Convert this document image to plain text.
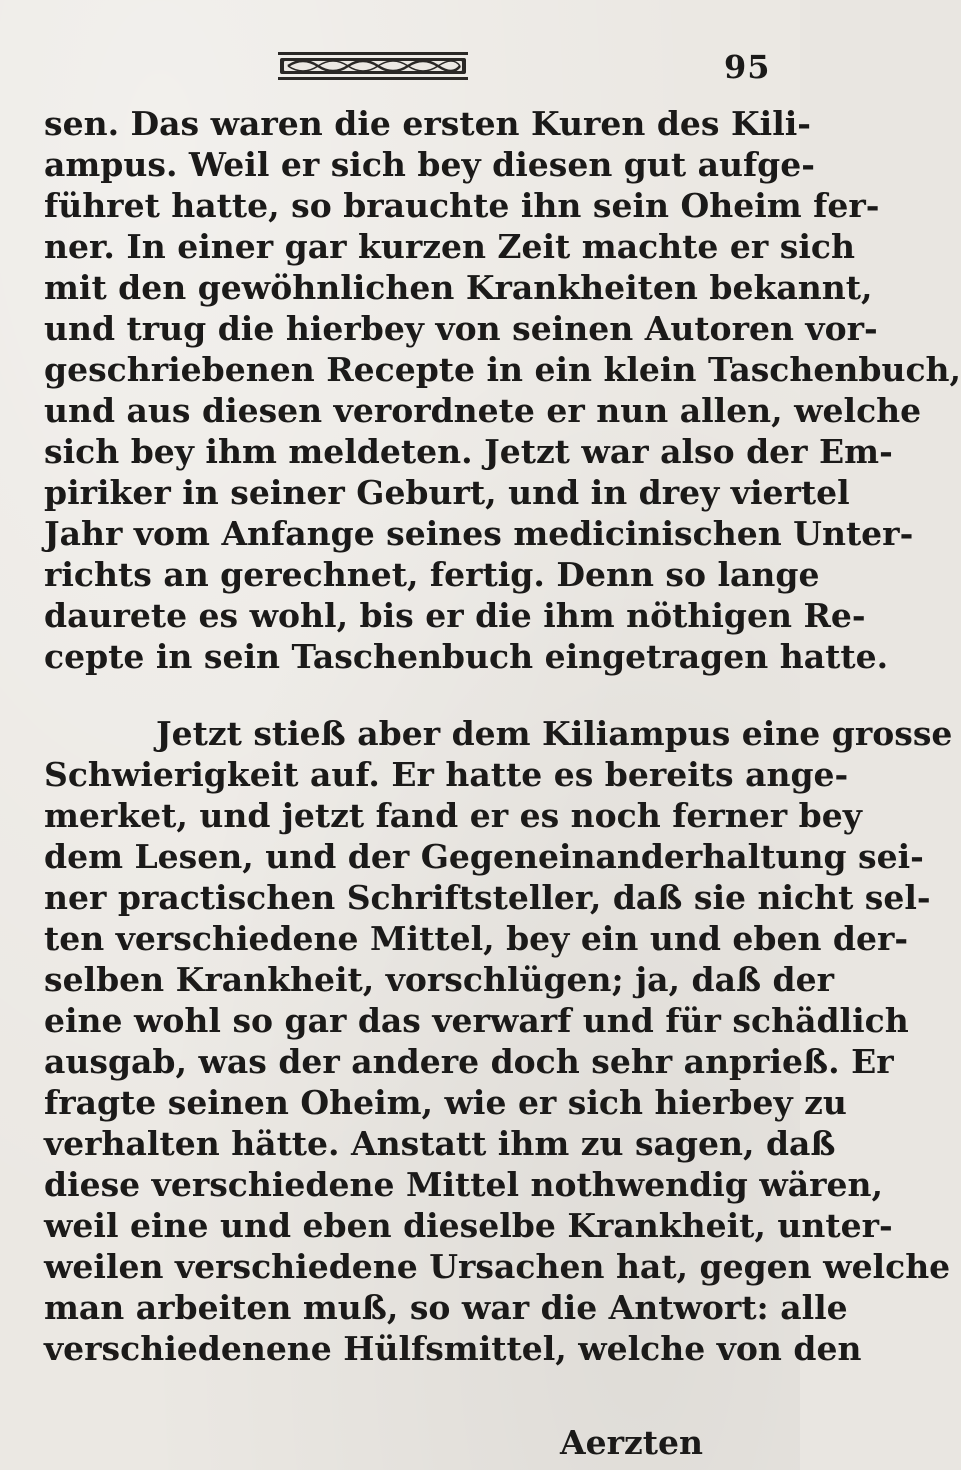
95
sen. Das waren die ersten Kuren des Kili‑
ampus. Weil er sich bey diesen gut aufge‑
führet hatte, so brauchte ihn sein Oheim fer‑
ner. In einer gar kurzen Zeit machte er sich
mit den gewöhnlichen Krankheiten bekannt,
und trug die hierbey von seinen Autoren vor‑
geschriebenen Recepte in ein klein Taschenbuch,
und aus diesen verordnete er nun allen, welche
sich bey ihm meldeten. Jetzt war also der Em‑
piriker in seiner Geburt, und in drey viertel
Jahr vom Anfange seines medicinischen Unter‑
richts an gerechnet, fertig. Denn so lange
daurete es wohl, bis er die ihm nöthigen Re‑
cepte in sein Taschenbuch eingetragen hatte.
Jetzt stieß aber dem Kiliampus eine grosse
Schwierigkeit auf. Er hatte es bereits ange‑
merket, und jetzt fand er es noch ferner bey
dem Lesen, und der Gegeneinanderhaltung sei‑
ner practischen Schriftsteller, daß sie nicht sel‑
ten verschiedene Mittel, bey ein und eben der‑
selben Krankheit, vorschlügen; ja, daß der
eine wohl so gar das verwarf und für schädlich
ausgab, was der andere doch sehr anprieß. Er
fragte seinen Oheim, wie er sich hierbey zu
verhalten hätte. Anstatt ihm zu sagen, daß
diese verschiedene Mittel nothwendig wären,
weil eine und eben dieselbe Krankheit, unter‑
weilen verschiedene Ursachen hat, gegen welche
man arbeiten muß, so war die Antwort: alle
verschiedenene Hülfsmittel, welche von den
Aerzten
